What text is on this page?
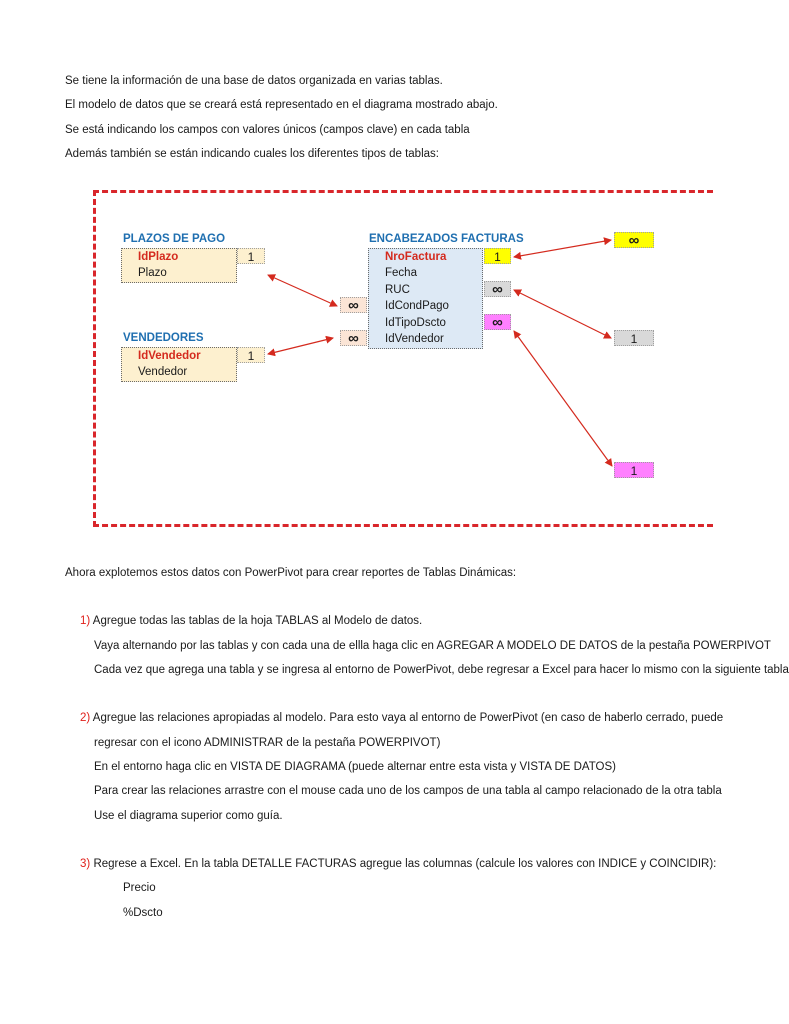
Se tiene la información de una base de datos organizada en varias tablas.
El modelo de datos que se creará está representado en el diagrama mostrado abajo.
Se está indicando los campos con valores únicos (campos clave) en cada tabla
Además también se están indicando cuales los diferentes tipos de tablas:
PLAZOS DE PAGO
IdPlazo
Plazo
1
VENDEDORES
IdVendedor
Vendedor
1
ENCABEZADOS FACTURAS
NroFactura
Fecha
RUC
IdCondPago
IdTipoDscto
IdVendedor
∞
∞
1
∞
∞
∞
1
1
Ahora explotemos estos datos con PowerPivot para crear reportes de Tablas Dinámicas:
1) Agregue todas las tablas de la hoja TABLAS al Modelo de datos.
Vaya alternando por las tablas y con cada una de ellla haga clic en AGREGAR A MODELO DE DATOS de la pestaña POWERPIVOT
Cada vez que agrega una tabla y se ingresa al entorno de PowerPivot, debe regresar a Excel para hacer lo mismo con la siguiente tabla
2) Agregue las relaciones apropiadas al modelo. Para esto vaya al entorno de PowerPivot (en caso de haberlo cerrado, puede
regresar con el icono ADMINISTRAR de la pestaña POWERPIVOT)
En el entorno haga clic en VISTA DE DIAGRAMA (puede alternar entre esta vista y VISTA DE DATOS)
Para crear las relaciones arrastre con el mouse cada uno de los campos de una tabla al campo relacionado de la otra tabla
Use el diagrama superior como guía.
3) Regrese a Excel. En la tabla DETALLE FACTURAS agregue las columnas (calcule los valores con INDICE y COINCIDIR):
Precio
%Dscto
